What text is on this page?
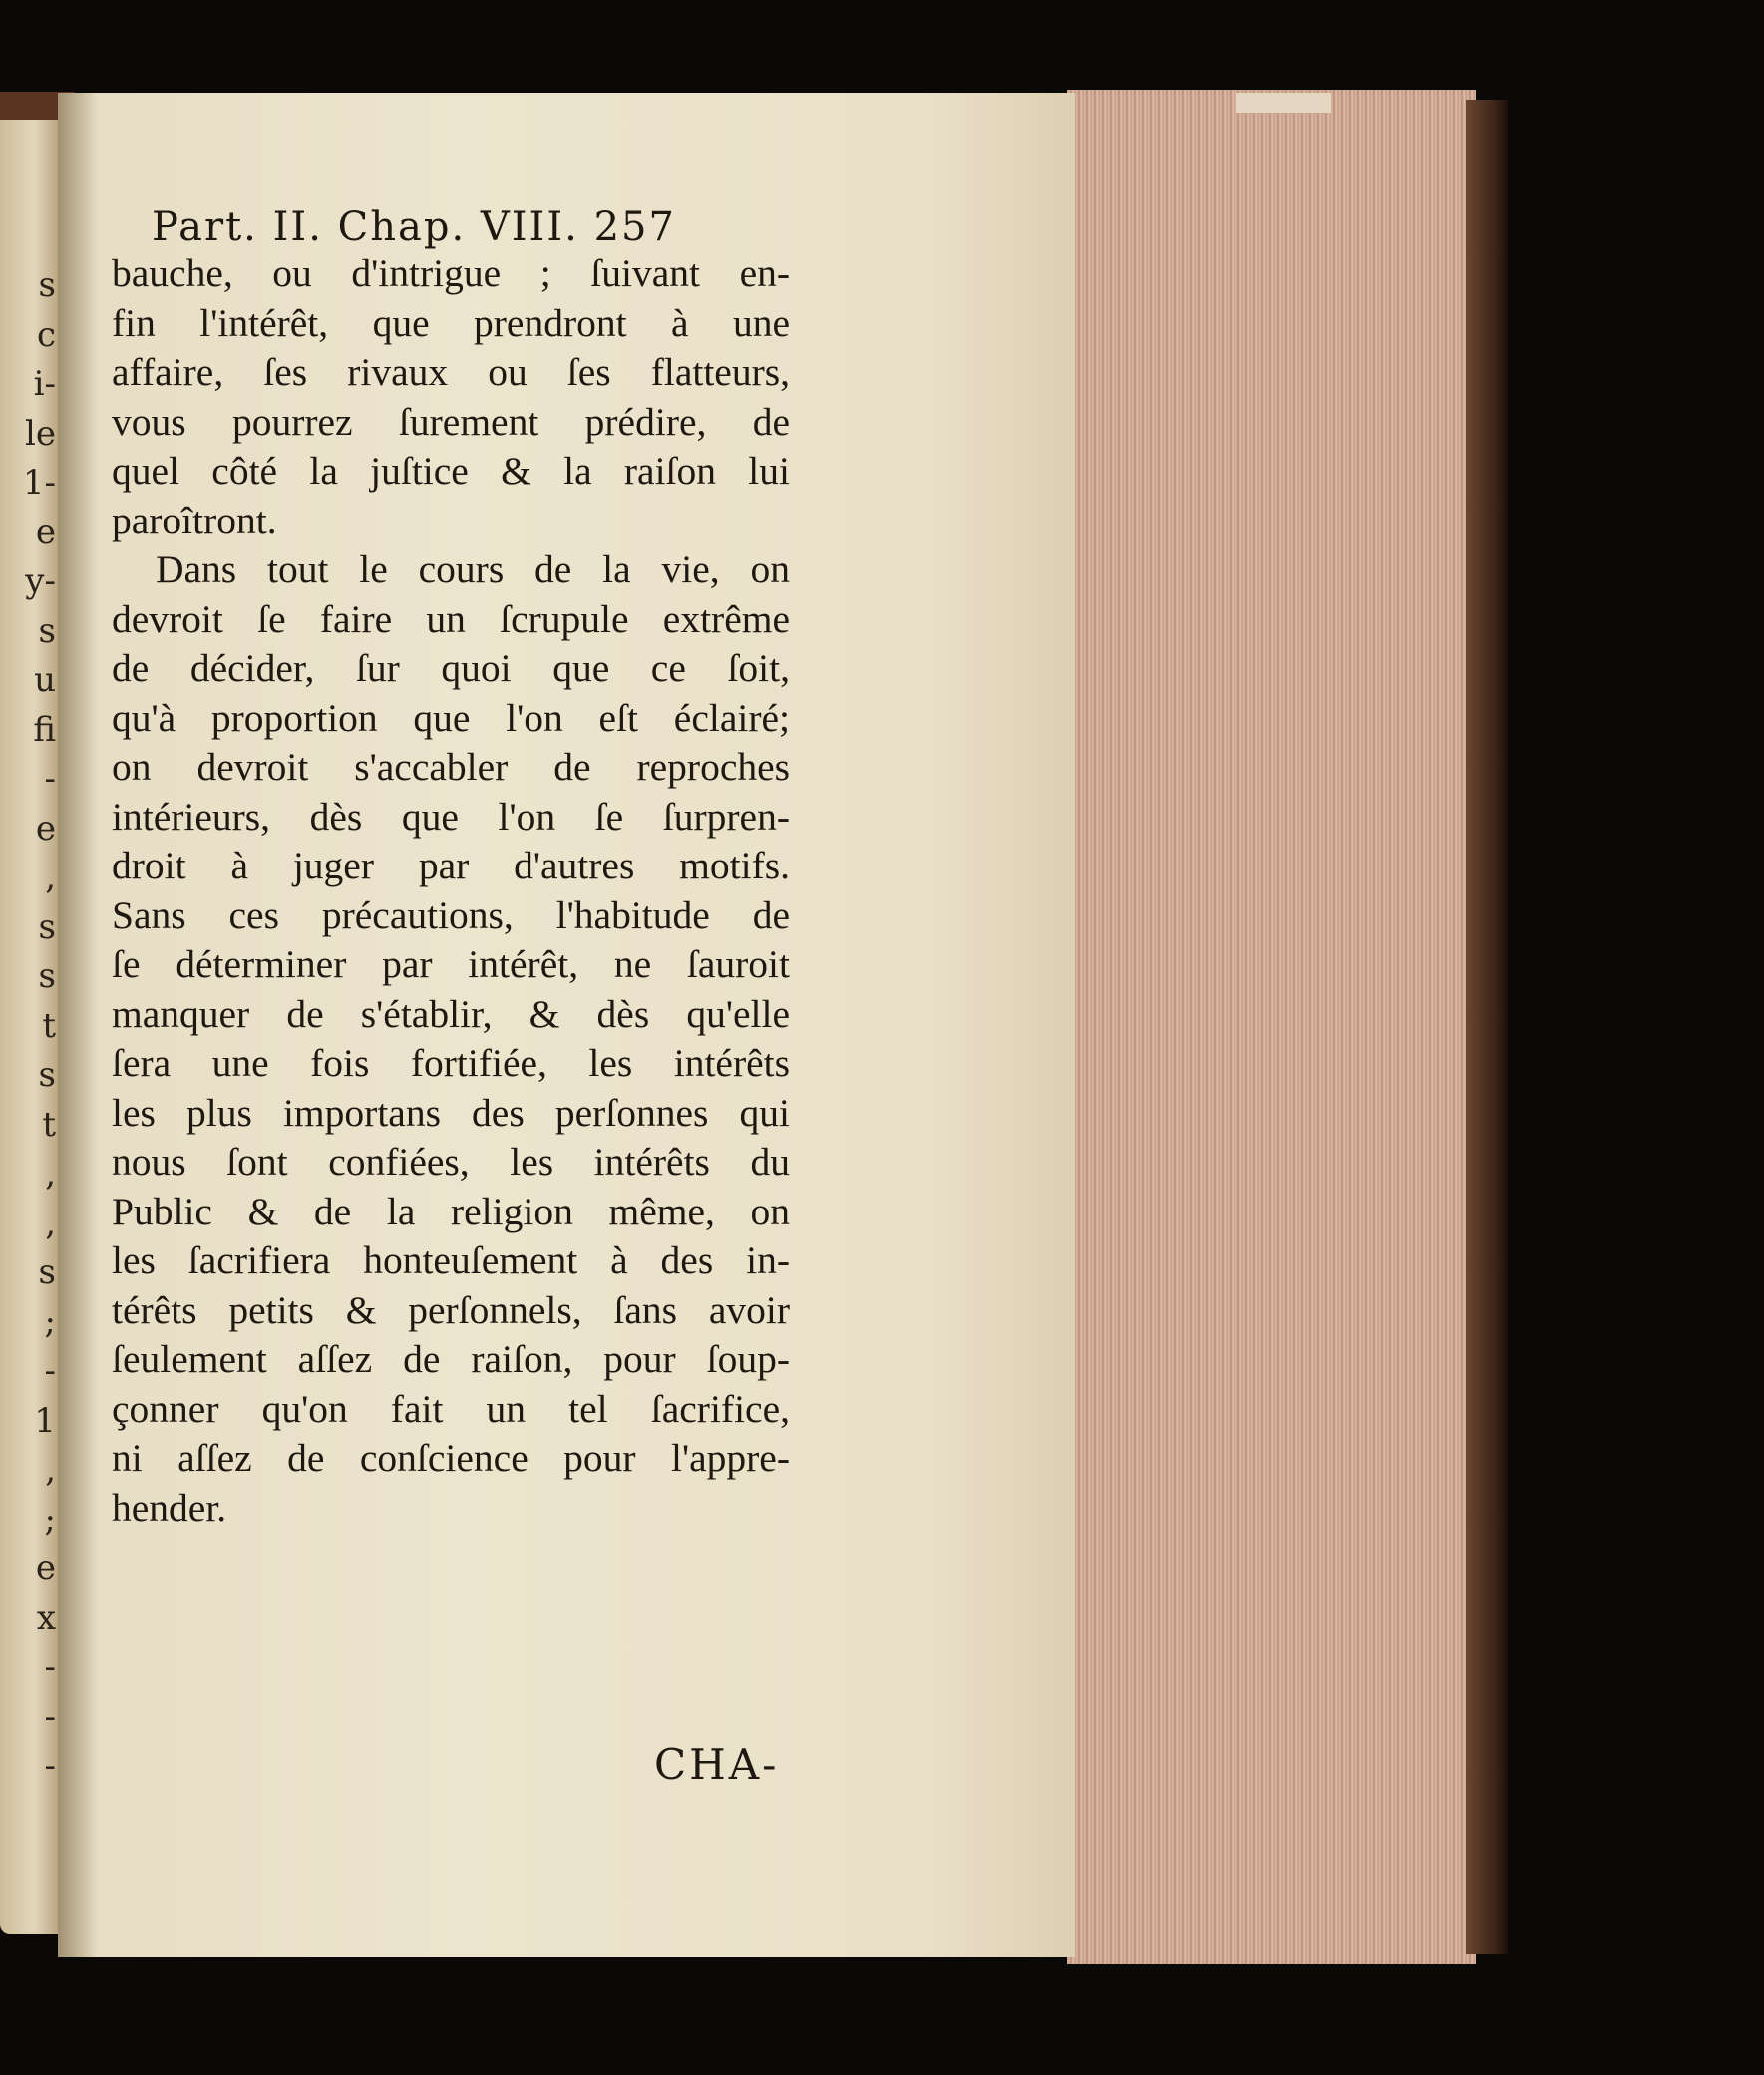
s
c
i-
le
1-
e
y-
s
u
fi
-
e
,
s
s
t
s
t
,
,
s
;
-
1
,
;
e
x
-
-
-
Part. II. Chap. VIII. 257
bauche, ou d'intrigue ; ſuivant en-
fin l'intérêt, que prendront à une
affaire, ſes rivaux ou ſes flatteurs,
vous pourrez ſurement prédire, de
quel côté la juſtice & la raiſon lui
paroîtront.
Dans tout le cours de la vie, on
devroit ſe faire un ſcrupule extrême
de décider, ſur quoi que ce ſoit,
qu'à proportion que l'on eſt éclairé;
on devroit s'accabler de reproches
intérieurs, dès que l'on ſe ſurpren-
droit à juger par d'autres motifs.
Sans ces précautions, l'habitude de
ſe déterminer par intérêt, ne ſauroit
manquer de s'établir, & dès qu'elle
ſera une fois fortifiée, les intérêts
les plus importans des perſonnes qui
nous ſont confiées, les intérêts du
Public & de la religion même, on
les ſacrifiera honteuſement à des in-
térêts petits & perſonnels, ſans avoir
ſeulement aſſez de raiſon, pour ſoup-
çonner qu'on fait un tel ſacrifice,
ni aſſez de conſcience pour l'appre-
hender.
CHA-
